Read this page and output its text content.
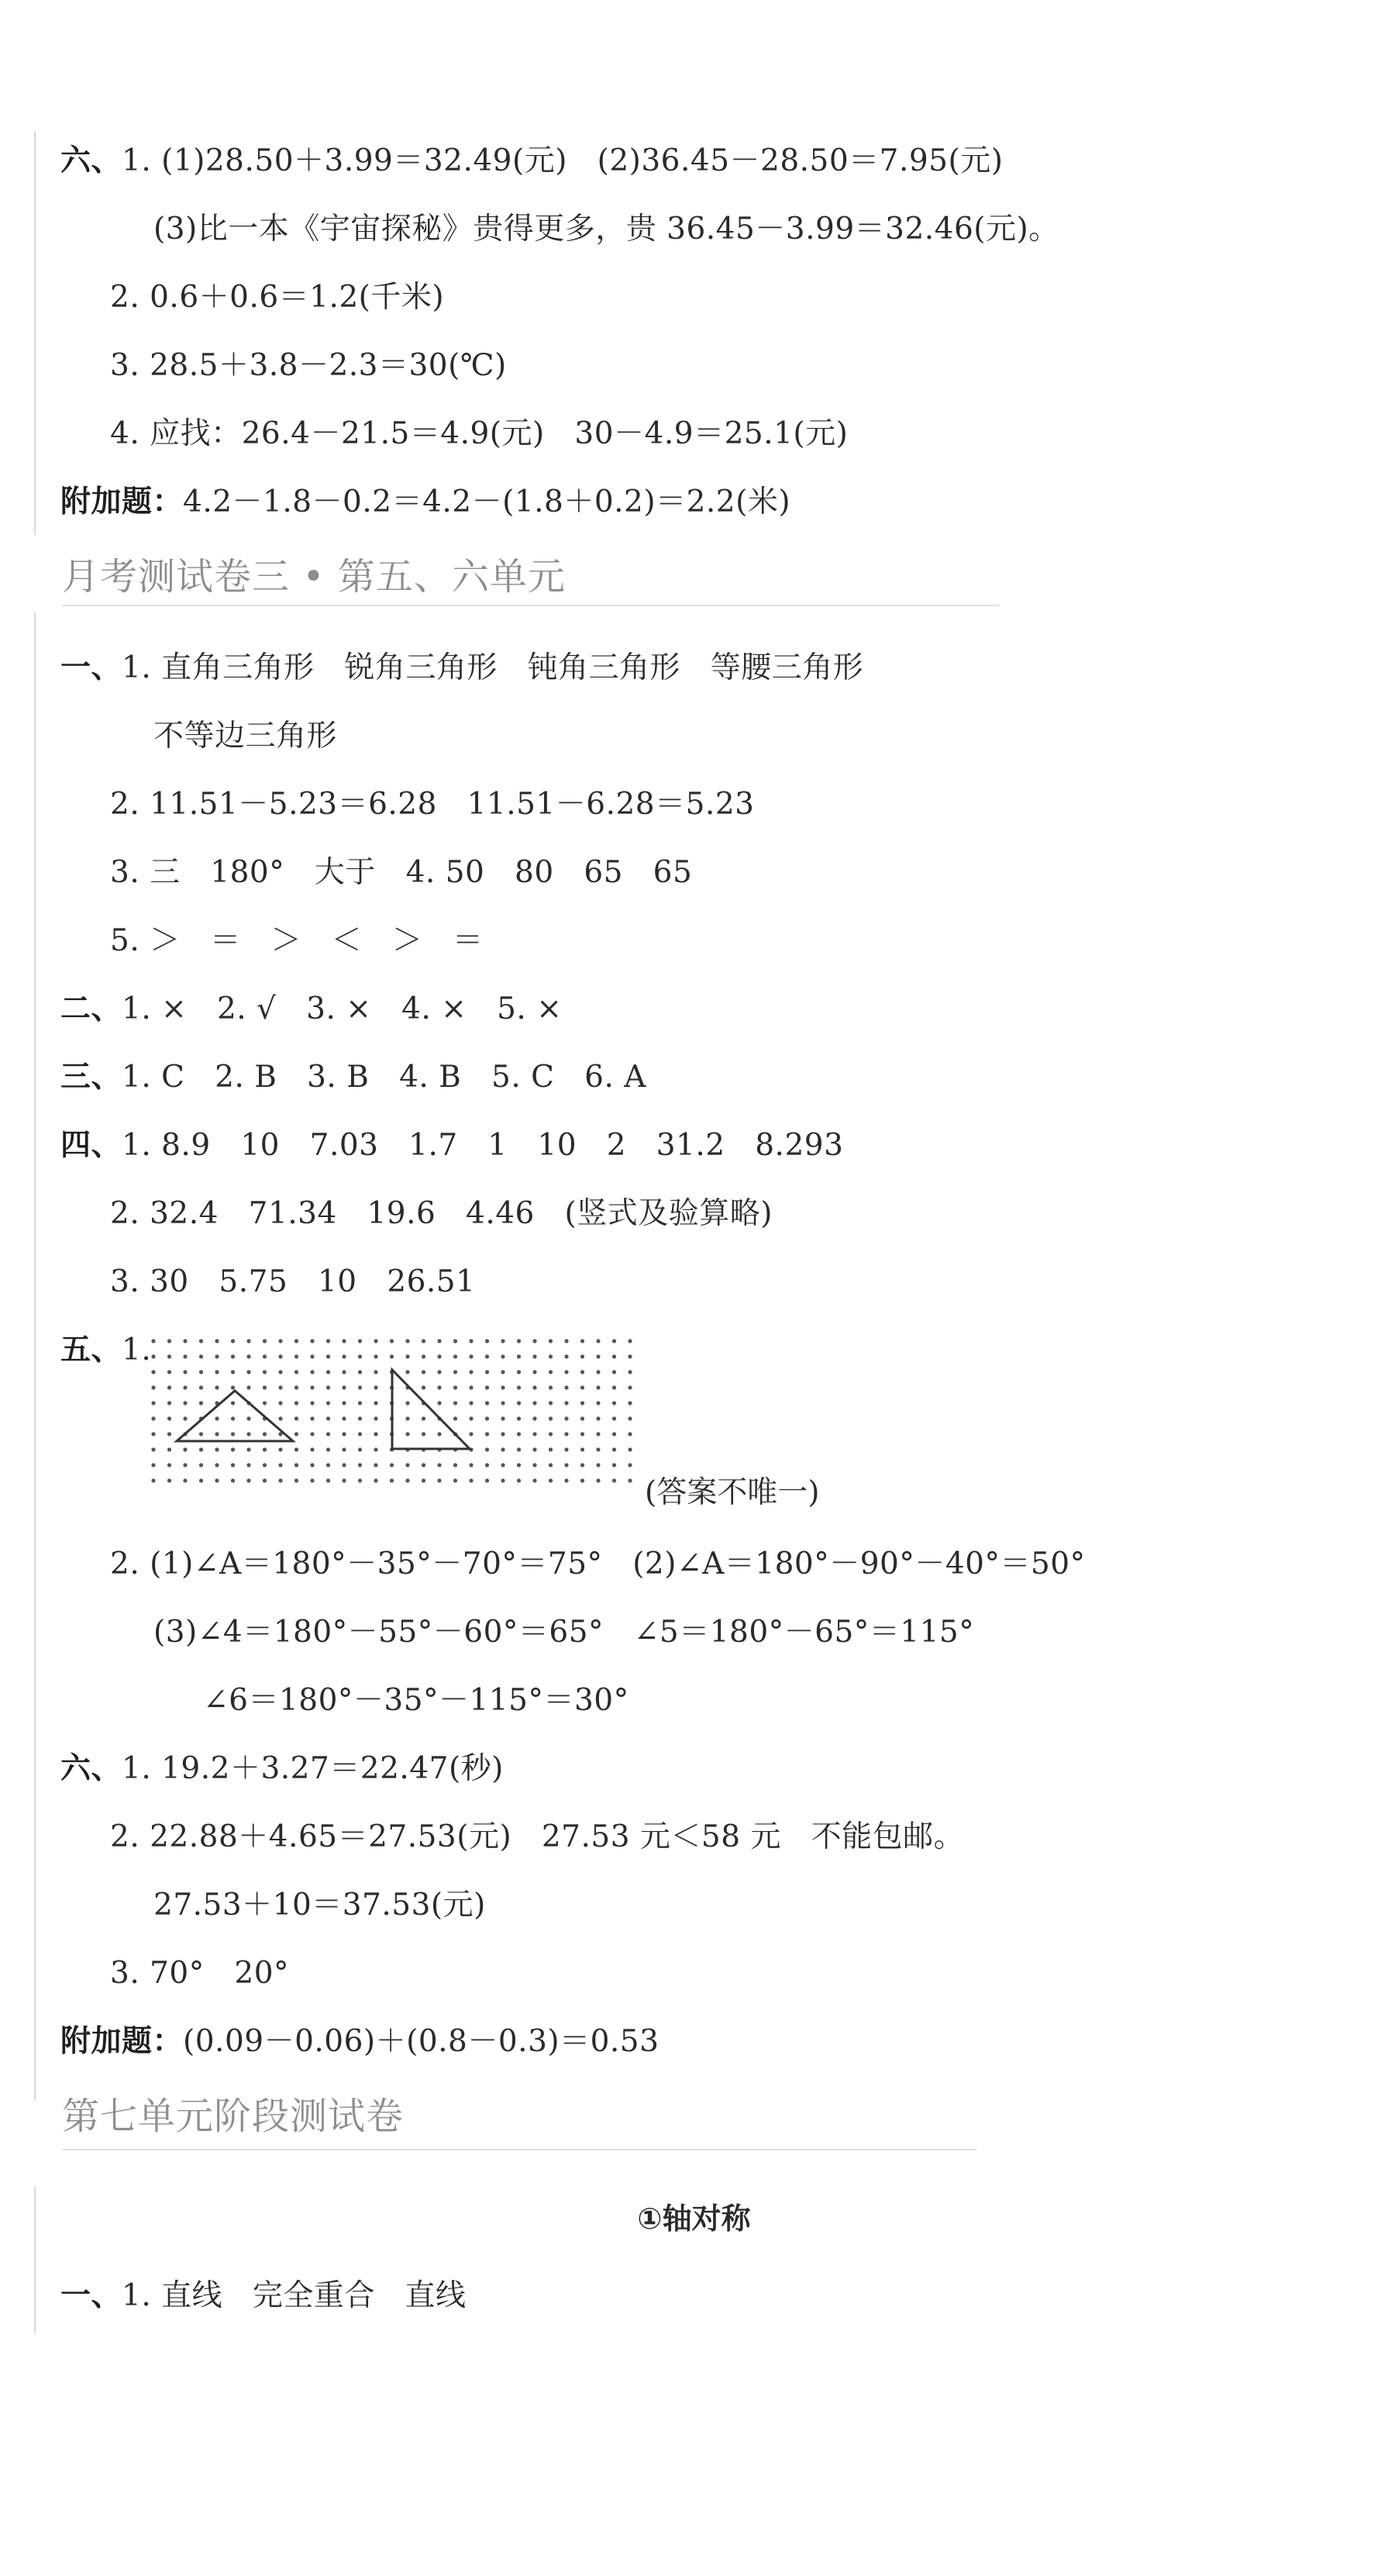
六、1. (1)28.50＋3.99＝32.49(元)   (2)36.45－28.50＝7.95(元)
(3)比一本《宇宙探秘》贵得更多，贵 36.45－3.99＝32.46(元)。
2. 0.6＋0.6＝1.2(千米)
3. 28.5＋3.8－2.3＝30(℃)
4. 应找：26.4－21.5＝4.9(元)   30－4.9＝25.1(元)
附加题：4.2－1.8－0.2＝4.2－(1.8＋0.2)＝2.2(米)
月考测试卷三 • 第五、六单元
一、1. 直角三角形   锐角三角形   钝角三角形   等腰三角形
不等边三角形
2. 11.51－5.23＝6.28   11.51－6.28＝5.23
3. 三   180°   大于   4. 50   80   65   65
5. ＞   ＝   ＞   ＜   ＞   ＝
二、1. ×   2. √   3. ×   4. ×   5. ×
三、1. C   2. B   3. B   4. B   5. C   6. A
四、1. 8.9   10   7.03   1.7   1   10   2   31.2   8.293
2. 32.4   71.34   19.6   4.46   (竖式及验算略)
3. 30   5.75   10   26.51
五、1.
(答案不唯一)
2. (1)∠A＝180°－35°－70°＝75°   (2)∠A＝180°－90°－40°＝50°
(3)∠4＝180°－55°－60°＝65°   ∠5＝180°－65°＝115°
∠6＝180°－35°－115°＝30°
六、1. 19.2＋3.27＝22.47(秒)
2. 22.88＋4.65＝27.53(元)   27.53 元＜58 元   不能包邮。
27.53＋10＝37.53(元)
3. 70°   20°
附加题：(0.09－0.06)＋(0.8－0.3)＝0.53
第七单元阶段测试卷
①轴对称
一、1. 直线   完全重合   直线
